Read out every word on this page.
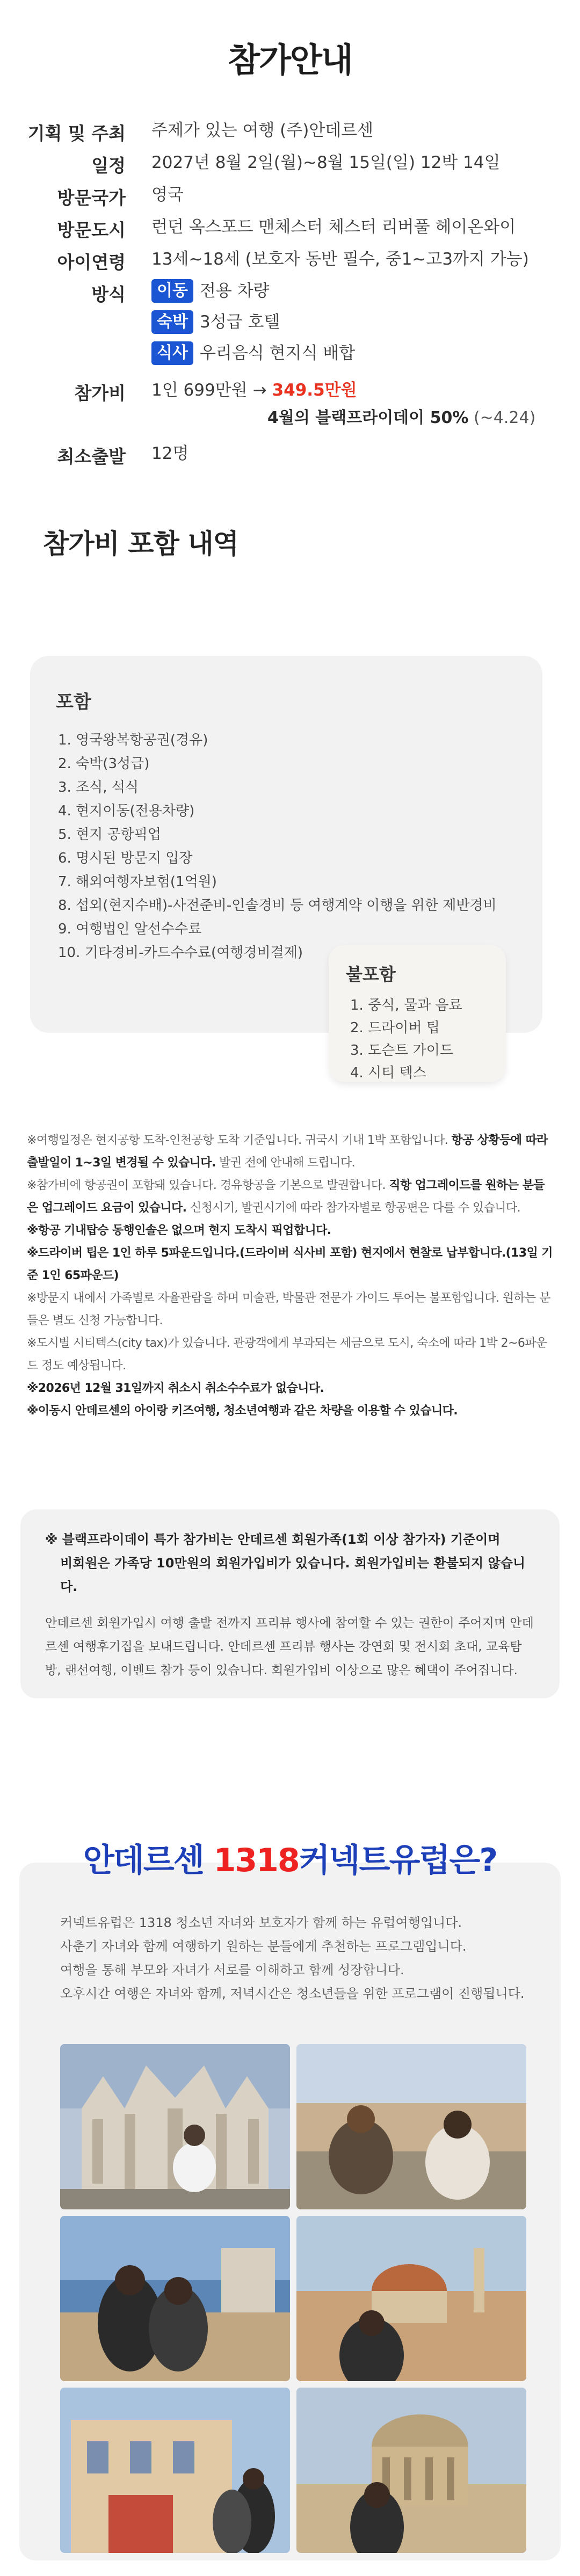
참가안내
기획 및 주최 주제가 있는 여행 (주)안데르센
일정 2027년 8월 2일(월)~8월 15일(일) 12박 14일
방문국가 영국
방문도시 런던 옥스포드 맨체스터 체스터 리버풀 헤이온와이
아이연령 13세~18세 (보호자 동반 필수, 중1~고3까지 가능)
방식	이동 전용 차량
숙박 3성급 호텔
식사 우리음식 현지식 배합
참가비 1인 699만원 → 349.5만원
4월의 블랙프라이데이 50% (~4.24)
최소출발 12명
참가비 포함 내역
포함
1. 영국왕복항공권(경유)
2. 숙박(3성급)
3. 조식, 석식
4. 현지이동(전용차량)
5. 현지 공항픽업
6. 명시된 방문지 입장
7. 해외여행자보험(1억원)
8. 섭외(현지수배)-사전준비-인솔경비 등 여행계약 이행을 위한 제반경비
9. 여행법인 알선수수료
10. 기타경비-카드수수료(여행경비결제)
불포함
1. 중식, 물과 음료
2. 드라이버 팁
3. 도슨트 가이드
4. 시티 텍스

※여행일정은 현지공항 도착-인천공항 도착 기준입니다. 귀국시 기내 1박 포함입니다. 항공 상황등에 따라 출발일이 1~3일 변경될 수 있습니다. 발권 전에 안내해 드립니다.

※참가비에 항공권이 포함돼 있습니다. 경유항공을 기본으로 발권합니다. 직항 업그레이드를 원하는 분들은 업그레이드 요금이 있습니다. 신청시기, 발권시기에 따라 참가자별로 항공편은 다를 수 있습니다.

※항공 기내탑승 동행인솔은 없으며 현지 도착시 픽업합니다.

※드라이버 팁은 1인 하루 5파운드입니다.(드라이버 식사비 포함) 현지에서 현찰로 납부합니다.(13일 기준 1인 65파운드)

※방문지 내에서 가족별로 자율관람을 하며 미술관, 박물관 전문가 가이드 투어는 불포함입니다. 원하는 분들은 별도 신청 가능합니다.

※도시별 시티텍스(city tax)가 있습니다. 관광객에게 부과되는 세금으로 도시, 숙소에 따라 1박 2~6파운드 정도 예상됩니다.

※2026년 12월 31일까지 취소시 취소수수료가 없습니다.

※이동시 안데르센의 아이랑 키즈여행, 청소년여행과 같은 차량을 이용할 수 있습니다.

※ 블랙프라이데이 특가 참가비는 안데르센 회원가족(1회 이상 참가자) 기준이며
비회원은 가족당 10만원의 회원가입비가 있습니다. 회원가입비는 환불되지 않습니다.

안데르센 회원가입시 여행 출발 전까지 프리뷰 행사에 참여할 수 있는 권한이 주어지며 안데르센 여행후기집을 보내드립니다. 안데르센 프리뷰 행사는 강연회 및 전시회 초대, 교육탐방, 랜선여행, 이벤트 참가 등이 있습니다. 회원가입비 이상으로 많은 혜택이 주어집니다.

안데르센 1318커넥트유럽은?

커넥트유럽은 1318 청소년 자녀와 보호자가 함께 하는 유럽여행입니다.

사춘기 자녀와 함께 여행하기 원하는 분들에게 추천하는 프로그램입니다.

여행을 통해 부모와 자녀가 서로를 이해하고 함께 성장합니다.

오후시간 여행은 자녀와 함께, 저녁시간은 청소년들을 위한 프로그램이 진행됩니다.
